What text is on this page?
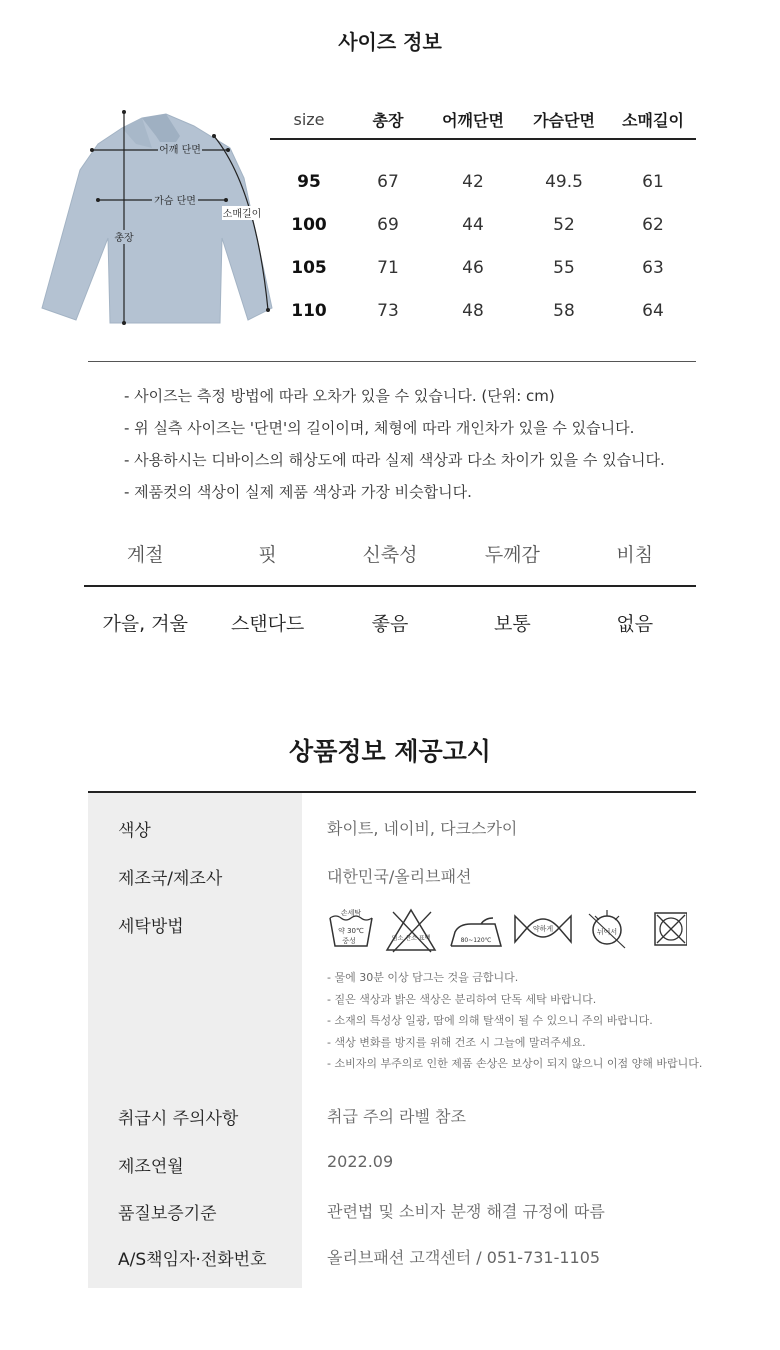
사이즈 정보
어깨 단면
가슴 단면
총장
소매길이
size	총장	어깨단면	가슴단면	소매길이
95	67	42	49.5	61
100	69	44	52	62
105	71	46	55	63
110	73	48	58	64
- 사이즈는 측정 방법에 따라 오차가 있을 수 있습니다. (단위: cm)
- 위 실측 사이즈는 '단면'의 길이이며, 체형에 따라 개인차가 있을 수 있습니다.
- 사용하시는 디바이스의 해상도에 따라 실제 색상과 다소 차이가 있을 수 있습니다.
- 제품컷의 색상이 실제 제품 색상과 가장 비슷합니다.
계절	핏	신축성	두께감	비침
가을, 겨울	스탠다드	좋음	보통	없음
상품정보 제공고시
색상	화이트, 네이비, 다크스카이
제조국/제조사	대한민국/올리브패션
세탁방법
손세탁
약 30℃
중성	염소 산소 표백	80~120℃
약하게	뉘어서
- 물에 30분 이상 담그는 것을 금합니다.
- 짙은 색상과 밝은 색상은 분리하여 단독 세탁 바랍니다.
- 소재의 특성상 일광, 땀에 의해 탈색이 될 수 있으니 주의 바랍니다.
- 색상 변화를 방지를 위해 건조 시 그늘에 말려주세요.
- 소비자의 부주의로 인한 제품 손상은 보상이 되지 않으니 이점 양해 바랍니다.
취급시 주의사항	취급 주의 라벨 참조
제조연월	2022.09
품질보증기준	관련법 및 소비자 분쟁 해결 규정에 따름
A/S책임자·전화번호	올리브패션 고객센터 / 051-731-1105
